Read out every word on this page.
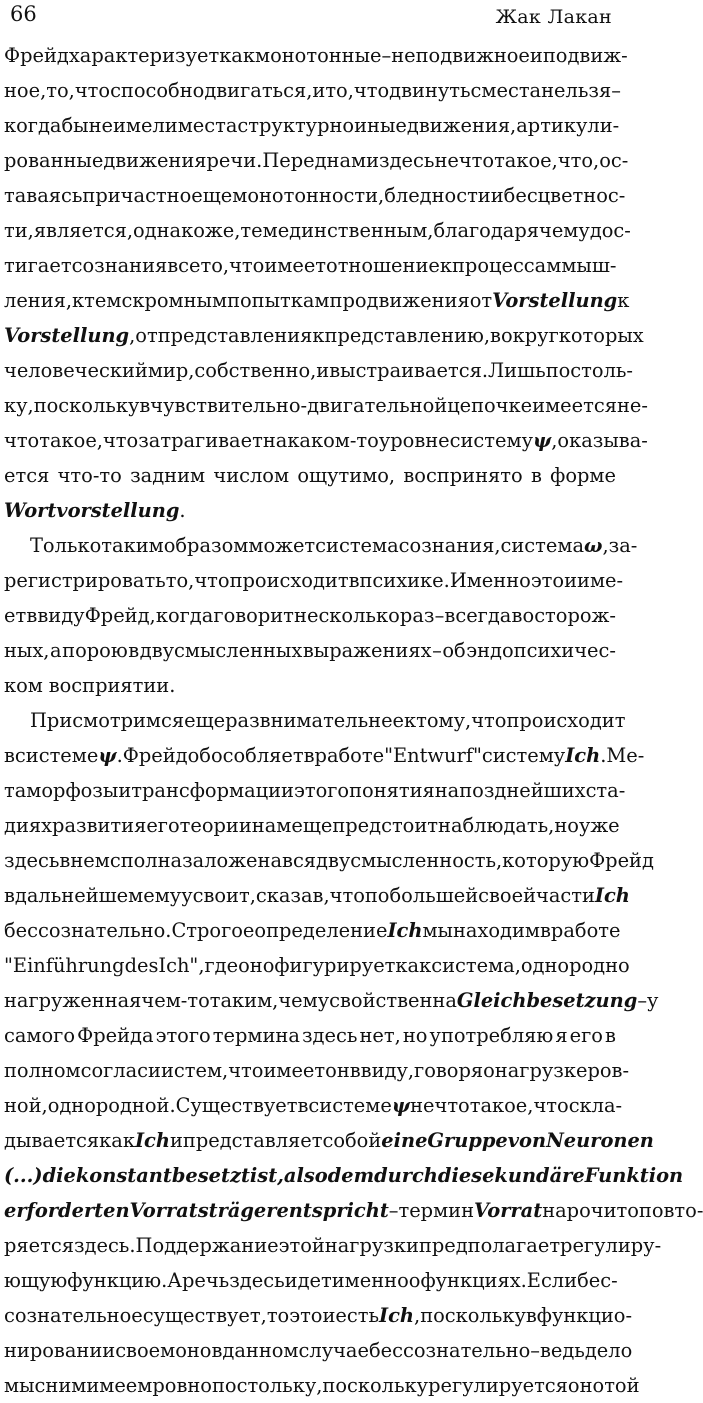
66	Жак Лакан
Фрейд характеризует как монотонные – неподвижное и подвиж-
ное, то, что способно двигаться, и то, что двинуть с места нельзя –
когда бы не имели места структурно иные движения, артикули-
рованные движения речи. Перед нами здесь нечто такое, что, ос-
таваясь причастно еще монотонности, бледности и бесцветнос-
ти, является, однако же, тем единственным, благодаря чему дос-
тигает сознания все то, что имеет отношение к процессам мыш-
ления, к тем скромным попыткам продвижения от Vorstellung к
Vorstellung, от представления к представлению, вокруг которых
человеческий мир, собственно, и выстраивается. Лишь постоль-
ку, поскольку в чувствительно-двигательной цепочке имеется не-
что такое, что затрагивает на каком-то уровне систему ψ, оказыва-
ется что-то задним числом ощутимо, воспринято в форме
Wortvorstellung.
Только таким образом может система сознания, система ω, за-
регистрировать то, что происходит в психике. Именно это и име-
ет в виду Фрейд, когда говорит несколько раз – всегда в осторож-
ных, а порою в двусмысленных выражениях – об эндопсихичес-
ком восприятии.
Присмотримся еще раз внимательнее к тому, что происходит
в системе ψ. Фрейд обособляет в работе "Entwurf" систему Ich. Ме-
таморфозы и трансформации этого понятия на позднейших ста-
диях развития его теории нам еще предстоит наблюдать, но уже
здесь в нем сполна заложена вся двусмысленность, которую Фрейд
в дальнейшем ему усвоит, сказав, что по большей своей части Ich
бессознательно. Строгое определение Ich мы находим в работе
"Einführung des Ich", где оно фигурирует как система, однородно
нагруженная чем-то таким, чему свойственна Gleichbesetzung – у
самого Фрейда этого термина здесь нет, но употребляю я его в
полном согласии с тем, что имеет он в виду, говоря о нагрузке ров-
ной, однородной. Существует в системе ψ нечто такое, что скла-
дывается как Ich и представляет собой eine Gruppe von Neuronen
(...) die konstant besetzt ist, also dem durch die sekundäre Funktion
erforderten Vorratsträger entspricht – термин Vorrat нарочито повто-
ряется здесь. Поддержание этой нагрузки предполагает регулиру-
ющую функцию. А речь здесь идет именно о функциях. Если бес-
сознательное существует, то это и есть Ich, поскольку в функцио-
нировании своем оно в данном случае бессознательно – ведь дело
мы с ним имеем ровно постольку, поскольку регулируется оно той
